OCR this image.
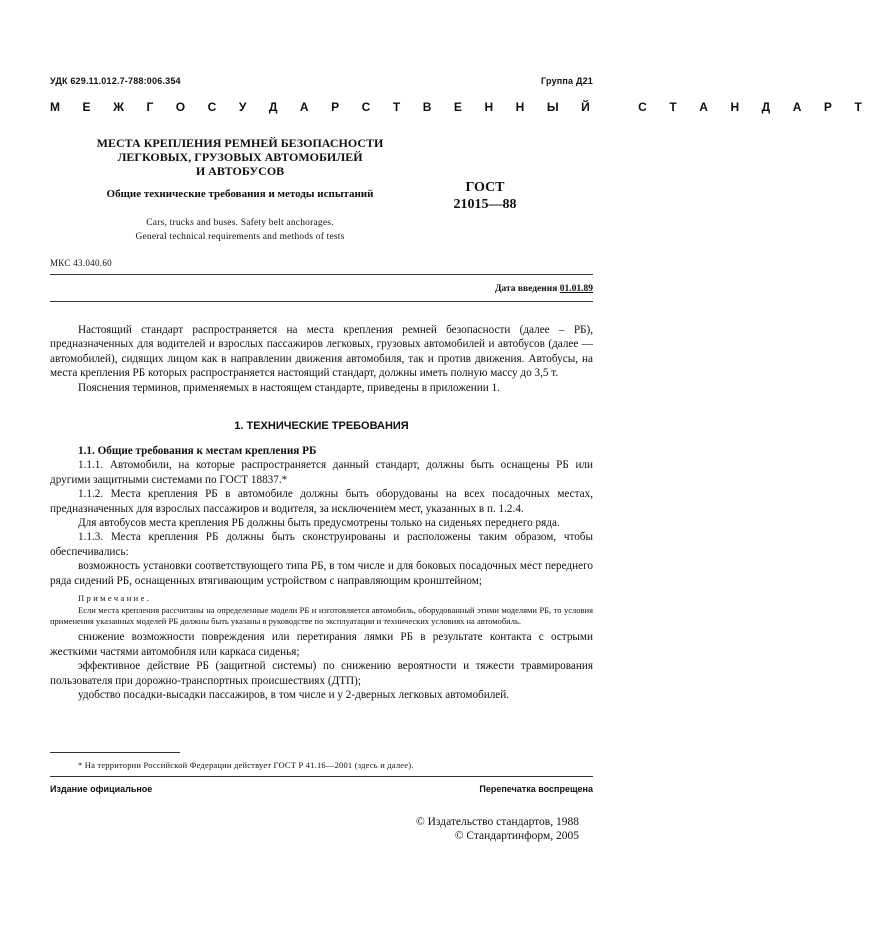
УДК 629.11.012.7-788:006.354	Группа Д21
М Е Ж Г О С У Д А Р С Т В Е Н Н Ы Й   С Т А Н Д А Р Т
МЕСТА КРЕПЛЕНИЯ РЕМНЕЙ БЕЗОПАСНОСТИ
ЛЕГКОВЫХ, ГРУЗОВЫХ АВТОМОБИЛЕЙ
И АВТОБУСОВ
Общие технические требования и методы испытаний	ГОСТ
21015—88
Cars, trucks and buses. Safety belt anchorages.
General technical requirements and methods of tests
МКС 43.040.60
Дата введения 01.01.89

Настоящий стандарт распространяется на места крепления ремней безопасности (далее – РБ), предназначенных для водителей и взрослых пассажиров легковых, грузовых автомобилей и автобусов (далее — автомобилей), сидящих лицом как в направлении движения автомобиля, так и против движения. Автобусы, на места крепления РБ которых распространяется настоящий стандарт, должны иметь полную массу до 3,5 т.

Пояснения терминов, применяемых в настоящем стандарте, приведены в приложении 1.

1. ТЕХНИЧЕСКИЕ ТРЕБОВАНИЯ

1.1. Общие требования к местам крепления РБ

1.1.1. Автомобили, на которые распространяется данный стандарт, должны быть оснащены РБ или другими защитными системами по ГОСТ 18837.*

1.1.2. Места крепления РБ в автомобиле должны быть оборудованы на всех посадочных местах, предназначенных для взрослых пассажиров и водителя, за исключением мест, указанных в п. 1.2.4.

Для автобусов места крепления РБ должны быть предусмотрены только на сиденьях переднего ряда.

1.1.3. Места крепления РБ должны быть сконструированы и расположены таким образом, чтобы обеспечивались:

возможность установки соответствующего типа РБ, в том числе и для боковых посадочных мест переднего ряда сидений РБ, оснащенных втягивающим устройством с направляющим кронштейном;

Примечание.

Если места крепления рассчитаны на определенные модели РБ и изготовляется автомобиль, оборудованный этими моделями РБ, то условия применения указанных моделей РБ должны быть указаны в руководстве по эксплуатации и технических условиях на автомобиль.

снижение возможности повреждения или перетирания лямки РБ в результате контакта с острыми жесткими частями автомобиля или каркаса сиденья;

эффективное действие РБ (защитной системы) по снижению вероятности и тяжести травмирования пользователя при дорожно-транспортных происшествиях (ДТП);

удобство посадки-высадки пассажиров, в том числе и у 2-дверных легковых автомобилей.

* На территории Российской Федерации действует ГОСТ Р 41.16—2001 (здесь и далее).
Издание официальное	Перепечатка воспрещена
© Издательство стандартов, 1988
© Стандартинформ, 2005
